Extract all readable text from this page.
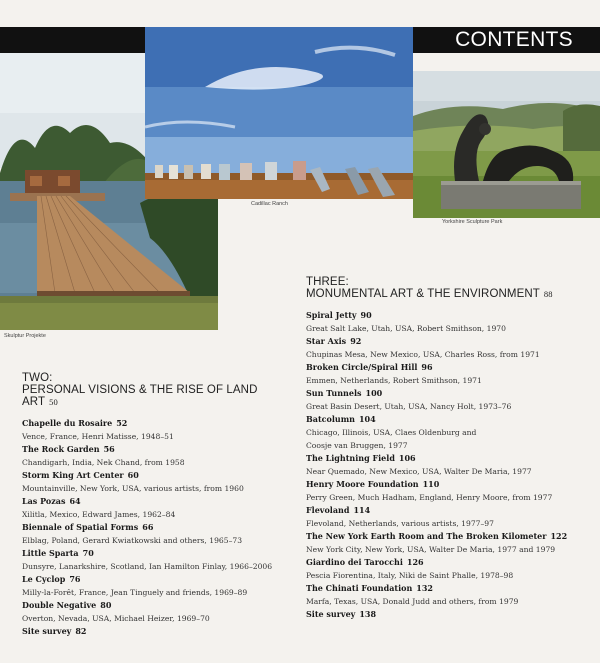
CONTENTS
Skulptur Projekte
Cadillac Ranch
Yorkshire Sculpture Park
TWO:
PERSONAL VISIONS & THE RISE OF LAND ART 50
Chapelle du Rosaire 52
Vence, France, Henri Matisse, 1948–51
The Rock Garden 56
Chandigarh, India, Nek Chand, from 1958
Storm King Art Center 60
Mountainville, New York, USA, various artists, from 1960
Las Pozas 64
Xilitla, Mexico, Edward James, 1962–84
Biennale of Spatial Forms 66
Elblag, Poland, Gerard Kwiatkowski and others, 1965–73
Little Sparta 70
Dunsyre, Lanarkshire, Scotland, Ian Hamilton Finlay, 1966–2006
Le Cyclop 76
Milly-la-Forêt, France, Jean Tinguely and friends, 1969–89
Double Negative 80
Overton, Nevada, USA, Michael Heizer, 1969–70
Site survey 82
THREE:
MONUMENTAL ART & THE ENVIRONMENT 88
Spiral Jetty 90
Great Salt Lake, Utah, USA, Robert Smithson, 1970
Star Axis 92
Chupinas Mesa, New Mexico, USA, Charles Ross, from 1971
Broken Circle/Spiral Hill 96
Emmen, Netherlands, Robert Smithson, 1971
Sun Tunnels 100
Great Basin Desert, Utah, USA, Nancy Holt, 1973–76
Batcolumn 104
Chicago, Illinois, USA, Claes Oldenburg and
Coosje van Bruggen, 1977
The Lightning Field 106
Near Quemado, New Mexico, USA, Walter De Maria, 1977
Henry Moore Foundation 110
Perry Green, Much Hadham, England, Henry Moore, from 1977
Flevoland 114
Flevoland, Netherlands, various artists, 1977–97
The New York Earth Room and The Broken Kilometer 122
New York City, New York, USA, Walter De Maria, 1977 and 1979
Giardino dei Tarocchi 126
Pescia Fiorentina, Italy, Niki de Saint Phalle, 1978–98
The Chinati Foundation 132
Marfa, Texas, USA, Donald Judd and others, from 1979
Site survey 138
